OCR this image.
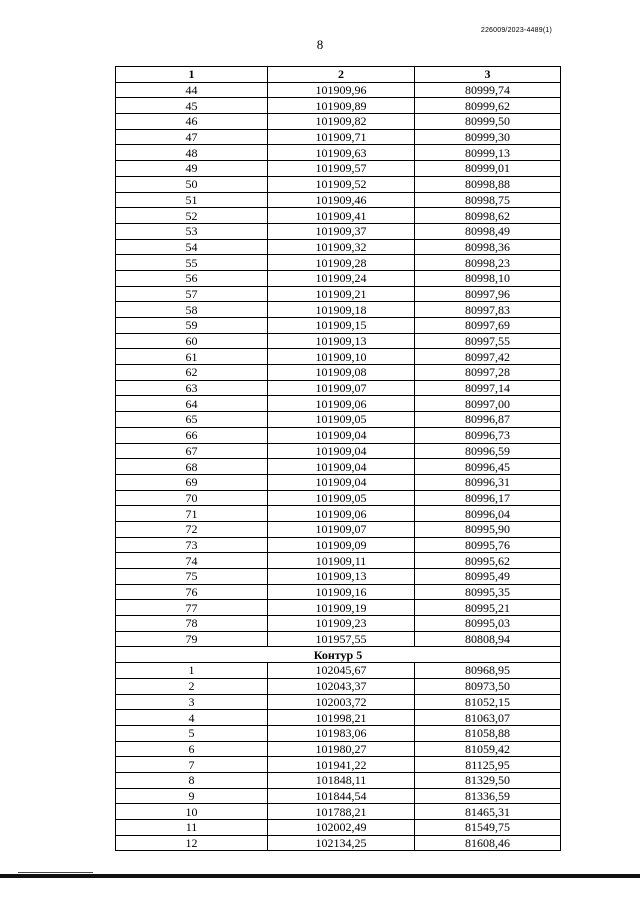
226009/2023-4489(1)
8
1	2	3
44	101909,96	80999,74
45	101909,89	80999,62
46	101909,82	80999,50
47	101909,71	80999,30
48	101909,63	80999,13
49	101909,57	80999,01
50	101909,52	80998,88
51	101909,46	80998,75
52	101909,41	80998,62
53	101909,37	80998,49
54	101909,32	80998,36
55	101909,28	80998,23
56	101909,24	80998,10
57	101909,21	80997,96
58	101909,18	80997,83
59	101909,15	80997,69
60	101909,13	80997,55
61	101909,10	80997,42
62	101909,08	80997,28
63	101909,07	80997,14
64	101909,06	80997,00
65	101909,05	80996,87
66	101909,04	80996,73
67	101909,04	80996,59
68	101909,04	80996,45
69	101909,04	80996,31
70	101909,05	80996,17
71	101909,06	80996,04
72	101909,07	80995,90
73	101909,09	80995,76
74	101909,11	80995,62
75	101909,13	80995,49
76	101909,16	80995,35
77	101909,19	80995,21
78	101909,23	80995,03
79	101957,55	80808,94
Контур 5		
1	102045,67	80968,95
2	102043,37	80973,50
3	102003,72	81052,15
4	101998,21	81063,07
5	101983,06	81058,88
6	101980,27	81059,42
7	101941,22	81125,95
8	101848,11	81329,50
9	101844,54	81336,59
10	101788,21	81465,31
11	102002,49	81549,75
12	102134,25	81608,46
